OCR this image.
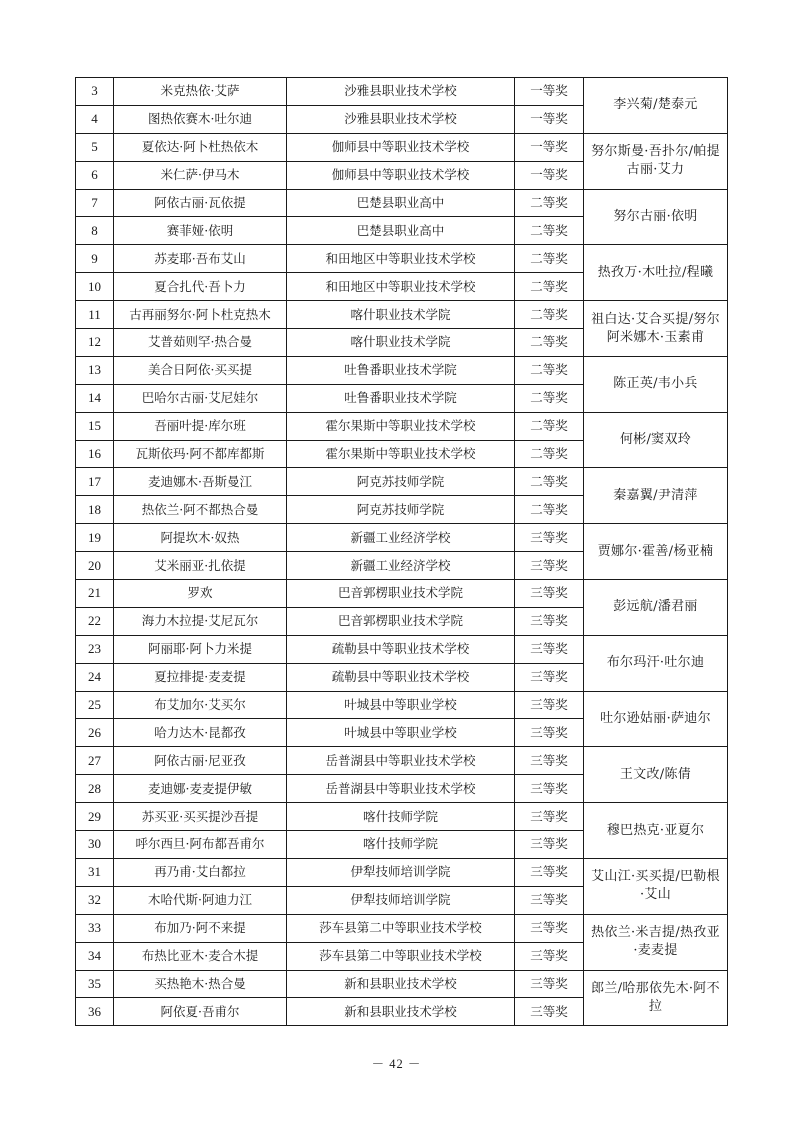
3	米克热依·艾萨	沙雅县职业技术学校	一等奖	李兴菊/楚泰元
4	图热依赛木·吐尔迪	沙雅县职业技术学校	一等奖	
5	夏依达·阿卜杜热依木	伽师县中等职业技术学校	一等奖	努尔斯曼·吾扑尔/帕提古丽·艾力
6	米仁萨·伊马木	伽师县中等职业技术学校	一等奖	
7	阿依古丽·瓦依提	巴楚县职业高中	二等奖	努尔古丽·依明
8	赛菲娅·依明	巴楚县职业高中	二等奖	
9	苏麦耶·吾布艾山	和田地区中等职业技术学校	二等奖	热孜万·木吐拉/程曦
10	夏合扎代·吾卜力	和田地区中等职业技术学校	二等奖	
11	古再丽努尔·阿卜杜克热木	喀什职业技术学院	二等奖	祖白达·艾合买提/努尔阿米娜木·玉素甫
12	艾普茹则罕·热合曼	喀什职业技术学院	二等奖	
13	美合日阿依·买买提	吐鲁番职业技术学院	二等奖	陈正英/韦小兵
14	巴哈尔古丽·艾尼娃尔	吐鲁番职业技术学院	二等奖	
15	吾丽叶提·库尔班	霍尔果斯中等职业技术学校	二等奖	何彬/窦双玲
16	瓦斯依玛·阿不都库都斯	霍尔果斯中等职业技术学校	二等奖	
17	麦迪娜木·吾斯曼江	阿克苏技师学院	二等奖	秦嘉翼/尹清萍
18	热依兰·阿不都热合曼	阿克苏技师学院	二等奖	
19	阿提坎木·奴热	新疆工业经济学校	三等奖	贾娜尔·霍善/杨亚楠
20	艾米丽亚·扎依提	新疆工业经济学校	三等奖	
21	罗欢	巴音郭楞职业技术学院	三等奖	彭远航/潘君丽
22	海力木拉提·艾尼瓦尔	巴音郭楞职业技术学院	三等奖	
23	阿丽耶·阿卜力米提	疏勒县中等职业技术学校	三等奖	布尔玛汗·吐尔迪
24	夏拉排提·麦麦提	疏勒县中等职业技术学校	三等奖	
25	布艾加尔·艾买尔	叶城县中等职业学校	三等奖	吐尔逊姑丽·萨迪尔
26	哈力达木·昆都孜	叶城县中等职业学校	三等奖	
27	阿依古丽·尼亚孜	岳普湖县中等职业技术学校	三等奖	王文改/陈倩
28	麦迪娜·麦麦提伊敏	岳普湖县中等职业技术学校	三等奖	
29	苏买亚·买买提沙吾提	喀什技师学院	三等奖	穆巴热克·亚夏尔
30	呼尔西旦·阿布都吾甫尔	喀什技师学院	三等奖	
31	再乃甫·艾白都拉	伊犁技师培训学院	三等奖	艾山江·买买提/巴勒根·艾山
32	木哈代斯·阿迪力江	伊犁技师培训学院	三等奖	
33	布加乃·阿不来提	莎车县第二中等职业技术学校	三等奖	热依兰·米吉提/热孜亚·麦麦提
34	布热比亚木·麦合木提	莎车县第二中等职业技术学校	三等奖	
35	买热艳木·热合曼	新和县职业技术学校	三等奖	郎兰/哈那依先木·阿不拉
36	阿依夏·吾甫尔	新和县职业技术学校	三等奖	
－ 42 －
